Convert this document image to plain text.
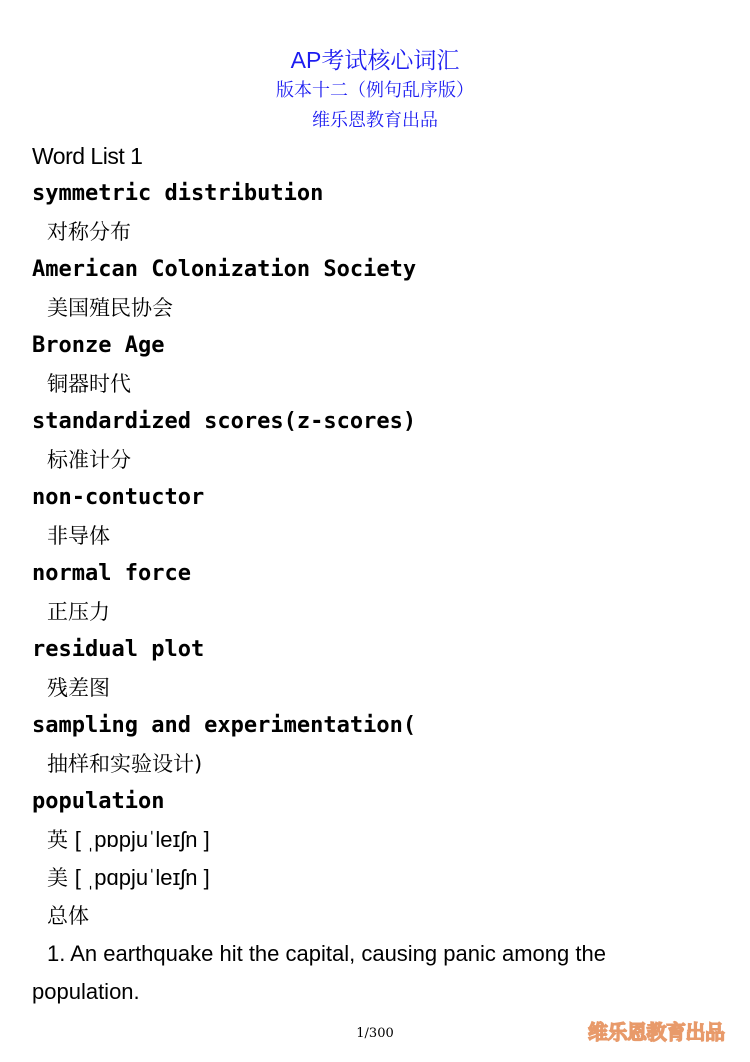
AP考试核心词汇
版本十二（例句乱序版）
维乐恩教育出品
Word List 1
symmetric distribution
对称分布
American Colonization Society
美国殖民协会
Bronze Age
铜器时代
standardized scores(z-scores)
标准计分
non-contuctor
非导体
normal force
正压力
residual plot
残差图
sampling and experimentation(
抽样和实验设计)
population
英 [ ˌpɒpjuˈleɪʃn ]
美 [ ˌpɑpjuˈleɪʃn ]
总体
1. An earthquake hit the capital, causing panic among the
population.
1/300	维乐恩教育出品
